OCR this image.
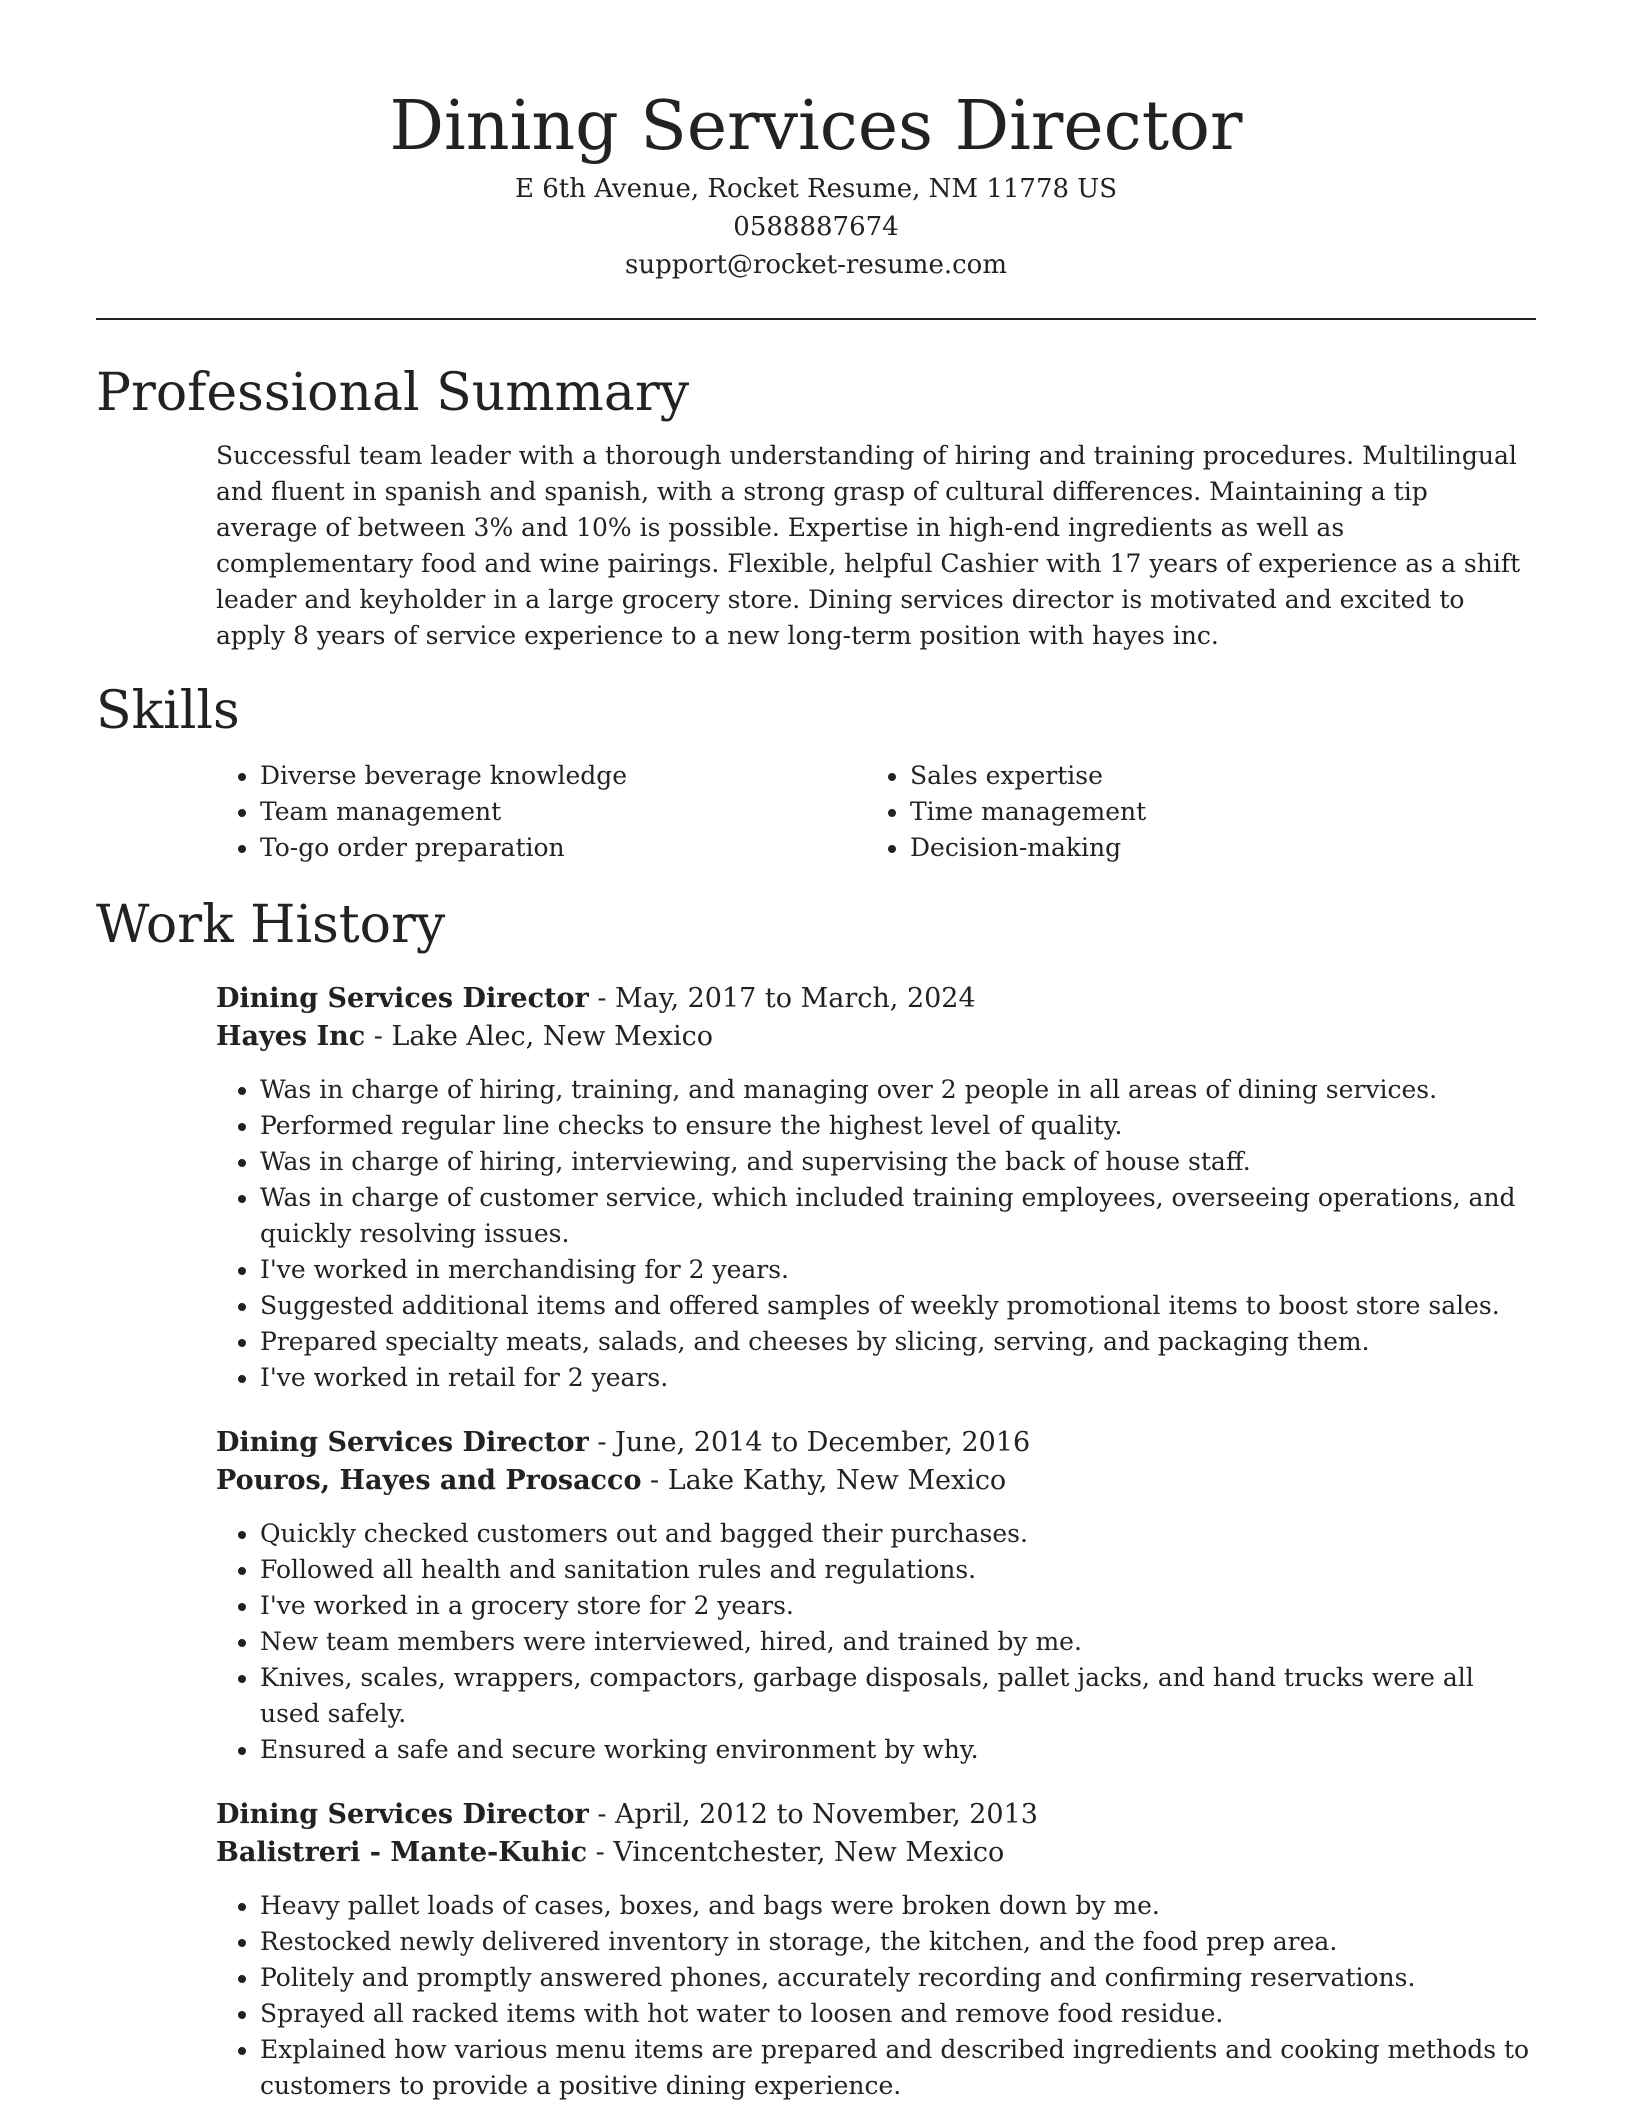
Dining Services Director
E 6th Avenue, Rocket Resume, NM 11778 US
0588887674
support@rocket-resume.com
Professional Summary

Successful team leader with a thorough understanding of hiring and training procedures. Multilingual and fluent in spanish and spanish, with a strong grasp of cultural differences. Maintaining a tip average of between 3% and 10% is possible. Expertise in high-end ingredients as well as complementary food and wine pairings. Flexible, helpful Cashier with 17 years of experience as a shift leader and keyholder in a large grocery store. Dining services director is motivated and excited to apply 8 years of service experience to a new long-term position with hayes inc.

Skills
• Diverse beverage knowledge
• Team management
• To-go order preparation
• Sales expertise
• Time management
• Decision-making
Work History
Dining Services Director - May, 2017 to March, 2024
Hayes Inc - Lake Alec, New Mexico
• Was in charge of hiring, training, and managing over 2 people in all areas of dining services.
• Performed regular line checks to ensure the highest level of quality.
• Was in charge of hiring, interviewing, and supervising the back of house staff.
• Was in charge of customer service, which included training employees, overseeing operations, and quickly resolving issues.
• I've worked in merchandising for 2 years.
• Suggested additional items and offered samples of weekly promotional items to boost store sales.
• Prepared specialty meats, salads, and cheeses by slicing, serving, and packaging them.
• I've worked in retail for 2 years.
Dining Services Director - June, 2014 to December, 2016
Pouros, Hayes and Prosacco - Lake Kathy, New Mexico
• Quickly checked customers out and bagged their purchases.
• Followed all health and sanitation rules and regulations.
• I've worked in a grocery store for 2 years.
• New team members were interviewed, hired, and trained by me.
• Knives, scales, wrappers, compactors, garbage disposals, pallet jacks, and hand trucks were all used safely.
• Ensured a safe and secure working environment by why.
Dining Services Director - April, 2012 to November, 2013
Balistreri - Mante-Kuhic - Vincentchester, New Mexico
• Heavy pallet loads of cases, boxes, and bags were broken down by me.
• Restocked newly delivered inventory in storage, the kitchen, and the food prep area.
• Politely and promptly answered phones, accurately recording and confirming reservations.
• Sprayed all racked items with hot water to loosen and remove food residue.
• Explained how various menu items are prepared and described ingredients and cooking methods to customers to provide a positive dining experience.
